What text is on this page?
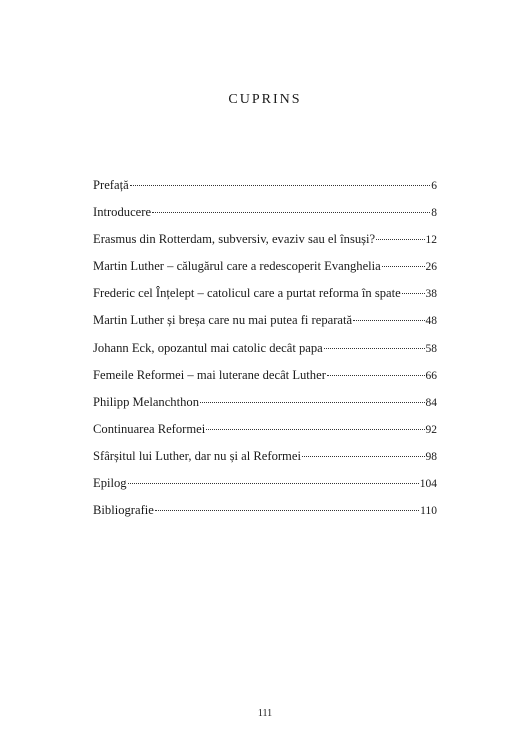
CUPRINS
Prefață	6
Introducere	8
Erasmus din Rotterdam, subversiv, evaziv sau el însuși?	12
Martin Luther – călugărul care a redescoperit Evanghelia	26
Frederic cel Înțelept – catolicul care a purtat reforma în spate 38
Martin Luther și breșa care nu mai putea fi reparată	48
Johann Eck, opozantul mai catolic decât papa	58
Femeile Reformei – mai luterane decât Luther	66
Philipp Melanchthon	84
Continuarea Reformei	92
Sfârșitul lui Luther, dar nu și al Reformei	98
Epilog	104
Bibliografie	110
111
